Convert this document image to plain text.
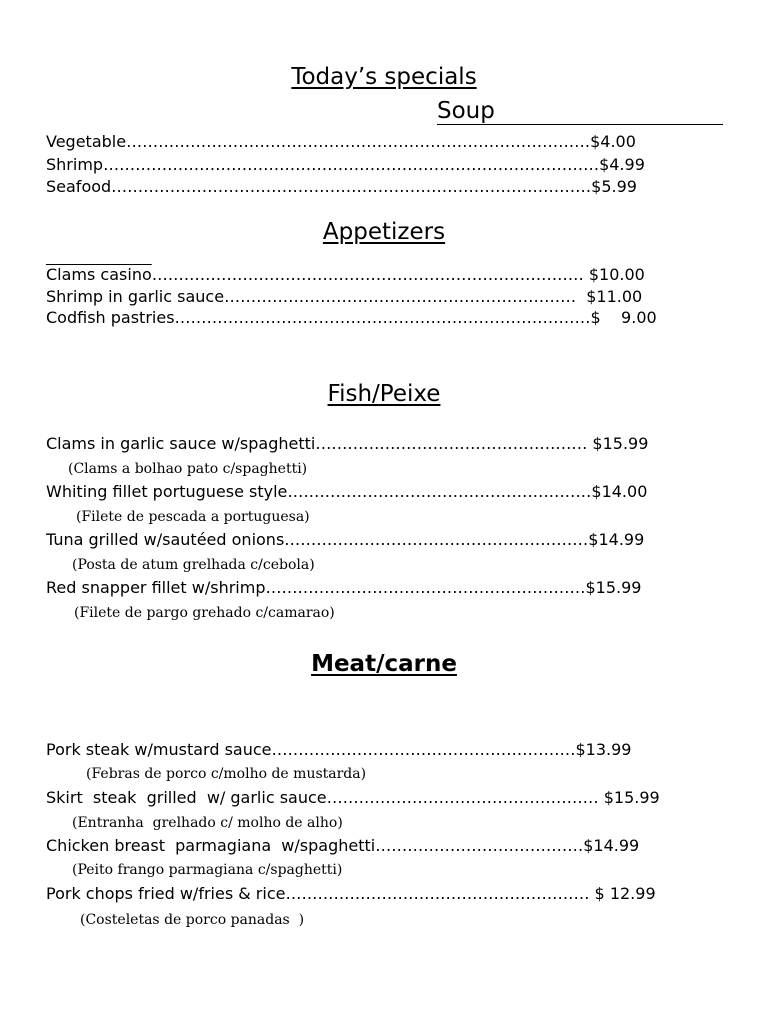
Today’s specials
Soup
Vegetable……………………………………………………………………………$4.00
Shrimp…………………………………………………………………………………$4.99
Seafood………………………………………………………………………………$5.99
Appetizers
Clams casino……………………………………………………………………… $10.00
Shrimp in garlic sauce…………………………………………………………  $11.00
Codfish pastries……………………………………………………………………$    9.00
Fish/Peixe
Clams in garlic sauce w/spaghetti…………………………………………… $15.99
(Clams a bolhao pato c/spaghetti)
Whiting fillet portuguese style…………………………………………………$14.00
(Filete de pescada a portuguesa)
Tuna grilled w/sautéed onions…………………………………………………$14.99
(Posta de atum grelhada c/cebola)
Red snapper fillet w/shrimp……………………………………………………$15.99
(Filete de pargo grehado c/camarao)
Meat/carne
Pork steak w/mustard sauce…………………………………………………$13.99
(Febras de porco c/molho de mustarda)
Skirt  steak  grilled  w/ garlic sauce…………………………………………… $15.99
(Entranha  grelhado c/ molho de alho)
Chicken breast  parmagiana  w/spaghetti…………………………………$14.99
(Peito frango parmagiana c/spaghetti)
Pork chops fried w/fries & rice………………………………………………… $ 12.99
(Costeletas de porco panadas  )
